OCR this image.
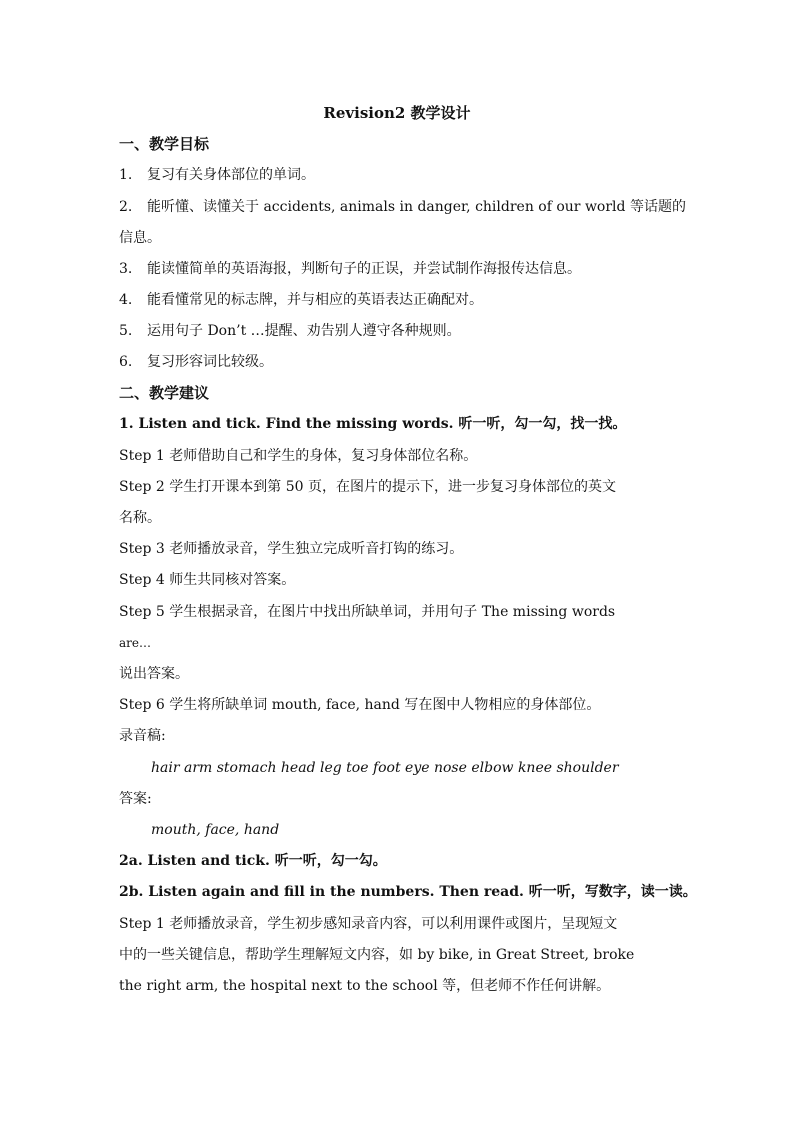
Revision2 教学设计
一、教学目标
1. 复习有关身体部位的单词。
2. 能听懂、读懂关于 accidents, animals in danger, children of our world 等话题的
信息。
3. 能读懂简单的英语海报，判断句子的正误，并尝试制作海报传达信息。
4. 能看懂常见的标志牌，并与相应的英语表达正确配对。
5. 运用句子 Don’t …提醒、劝告别人遵守各种规则。
6. 复习形容词比较级。
二、教学建议
1. Listen and tick. Find the missing words. 听一听，勾一勾，找一找。
Step 1 老师借助自己和学生的身体，复习身体部位名称。
Step 2 学生打开课本到第 50 页，在图片的提示下，进一步复习身体部位的英文
名称。
Step 3 老师播放录音，学生独立完成听音打钩的练习。
Step 4 师生共同核对答案。
Step 5 学生根据录音，在图片中找出所缺单词，并用句子 The missing words
are…
说出答案。
Step 6 学生将所缺单词 mouth, face, hand 写在图中人物相应的身体部位。
录音稿:
hair arm stomach head leg toe foot eye nose elbow knee shoulder
答案:
mouth, face, hand
2a. Listen and tick. 听一听，勾一勾。
2b. Listen again and fill in the numbers. Then read. 听一听，写数字，读一读。
Step 1 老师播放录音，学生初步感知录音内容，可以利用课件或图片，呈现短文
中的一些关键信息，帮助学生理解短文内容，如 by bike, in Great Street, broke
the right arm, the hospital next to the school 等，但老师不作任何讲解。
